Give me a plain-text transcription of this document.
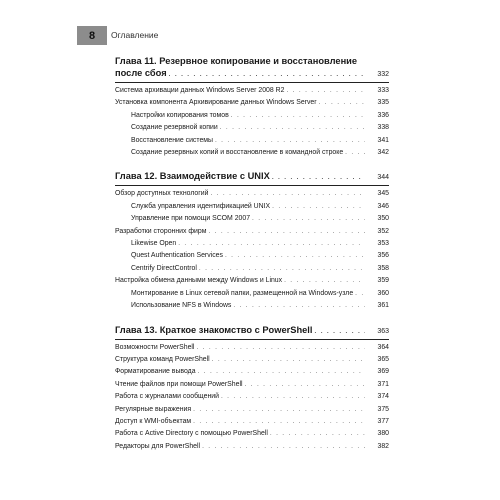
8	Оглавление
Глава 11. Резервное копирование и восстановление
после сбоя . . .	332
Система архивации данных Windows Server 2008 R2 . . .	333
Установка компонента Архивирование данных Windows Server . . .	335
Настройки копирования томов . . .	336
Создание резервной копии . . .	338
Восстановление системы . . .	341
Создание резервных копий и восстановление в командной строке . . .	342
Глава 12. Взаимодействие с UNIX . . .	344
Обзор доступных технологий . . .	345
Служба управления идентификацией UNIX . . .	346
Управление при помощи SCOM 2007 . . .	350
Разработки сторонних фирм . . .	352
Likewise Open . . .	353
Quest Authentication Services . . .	356
Centrify DirectControl . . .	358
Настройка обмена данными между Windows и Linux . . .	359
Монтирование в Linux сетевой папки, размещенной на Windows-узле . . .	360
Использование NFS в Windows . . .	361
Глава 13. Краткое знакомство с PowerShell . . .	363
Возможности PowerShell . . .	364
Структура команд PowerShell . . .	365
Форматирование вывода . . .	369
Чтение файлов при помощи PowerShell . . .	371
Работа с журналами сообщений . . .	374
Регулярные выражения . . .	375
Доступ к WMI-объектам . . .	377
Работа с Active Directory с помощью PowerShell . . .	380
Редакторы для PowerShell . . .	382
